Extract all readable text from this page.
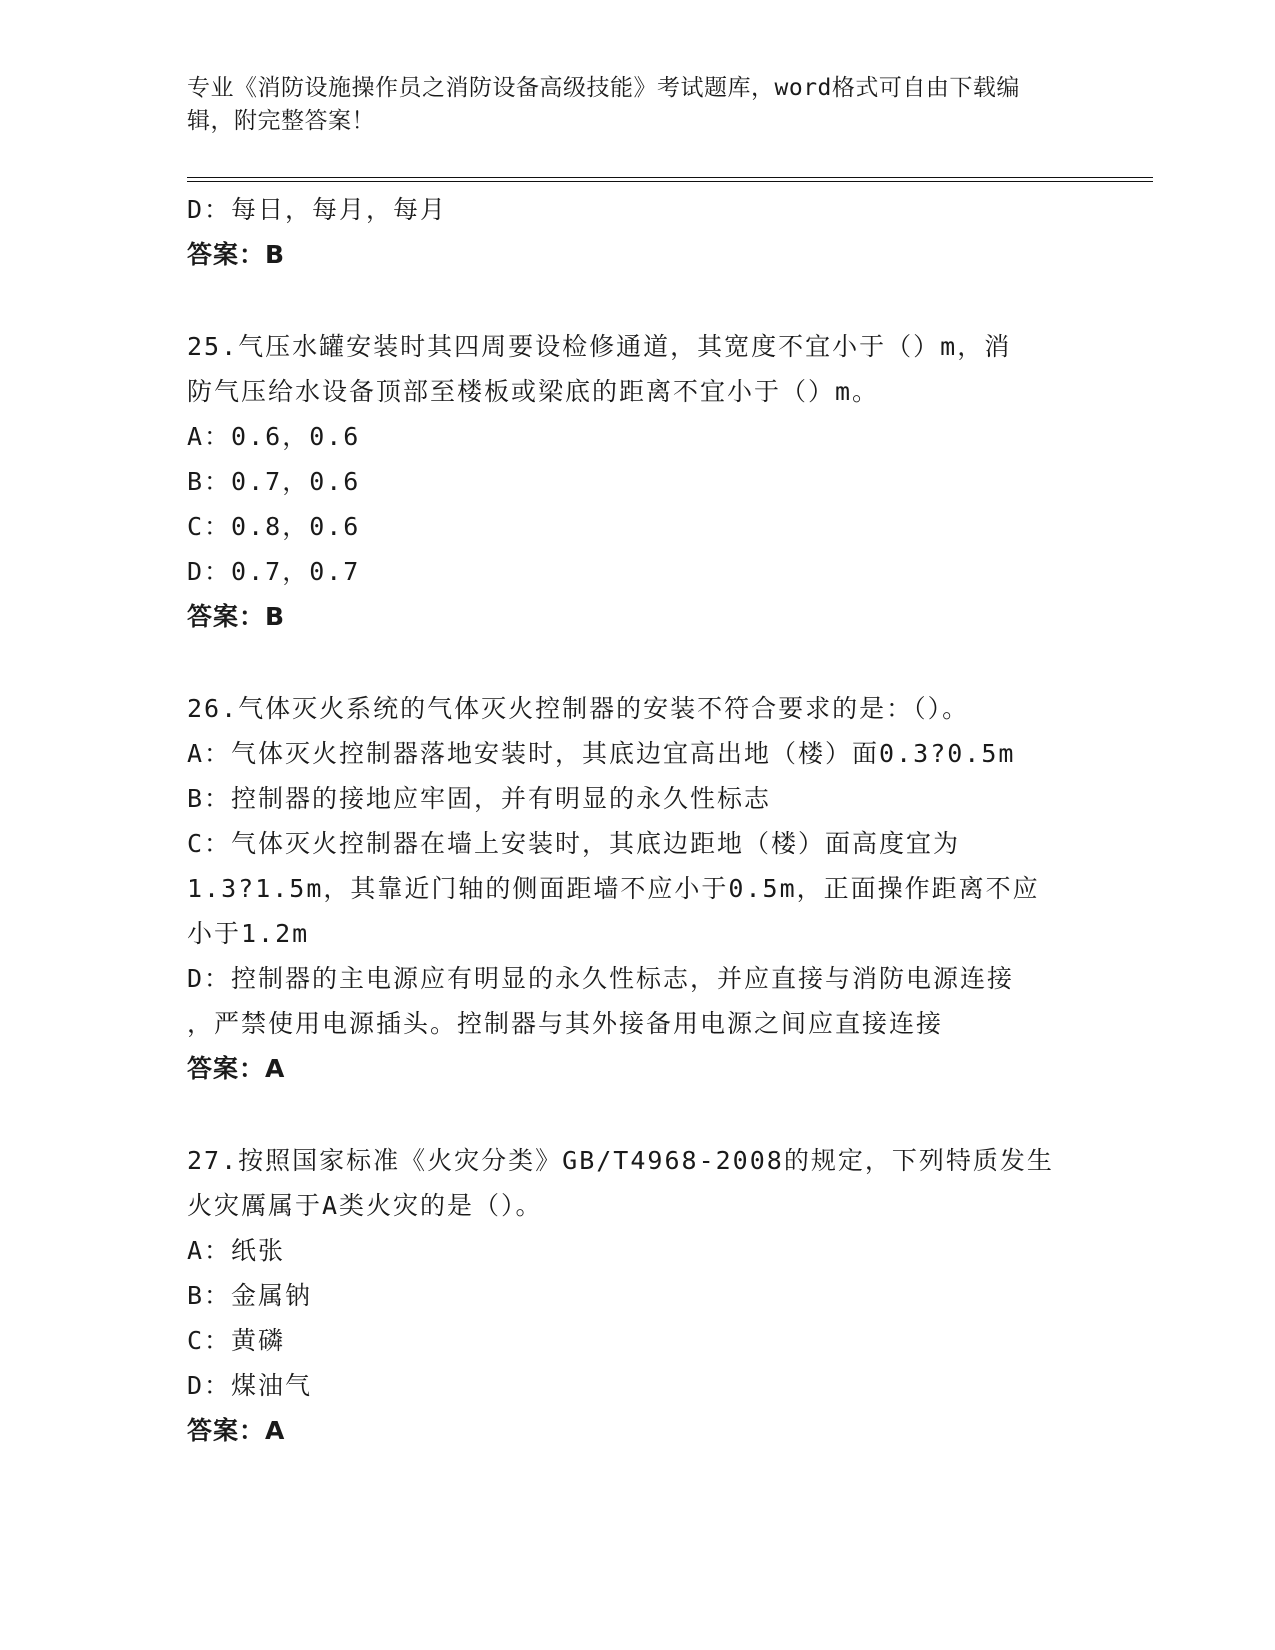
专业《消防设施操作员之消防设备高级技能》考试题库，word格式可自由下载编

辑，附完整答案！

D：每日，每月，每月
答案：B
25.气压水罐安装时其四周要设检修通道，其宽度不宜小于（）m，消
防气压给水设备顶部至楼板或梁底的距离不宜小于（）m。
A：0.6，0.6
B：0.7，0.6
C：0.8，0.6
D：0.7，0.7
答案：B
26.气体灭火系统的气体灭火控制器的安装不符合要求的是：（）。
A：气体灭火控制器落地安装时，其底边宜高出地（楼）面0.3?0.5m
B：控制器的接地应牢固，并有明显的永久性标志
C：气体灭火控制器在墙上安装时，其底边距地（楼）面高度宜为
1.3?1.5m，其靠近门轴的侧面距墙不应小于0.5m，正面操作距离不应
小于1.2m
D：控制器的主电源应有明显的永久性标志，并应直接与消防电源连接
，严禁使用电源插头。控制器与其外接备用电源之间应直接连接
答案：A
27.按照国家标准《火灾分类》GB/T4968-2008的规定，下列特质发生
火灾厲属于A类火灾的是（）。
A：纸张
B：金属钠
C：黄磷
D：煤油气
答案：A
